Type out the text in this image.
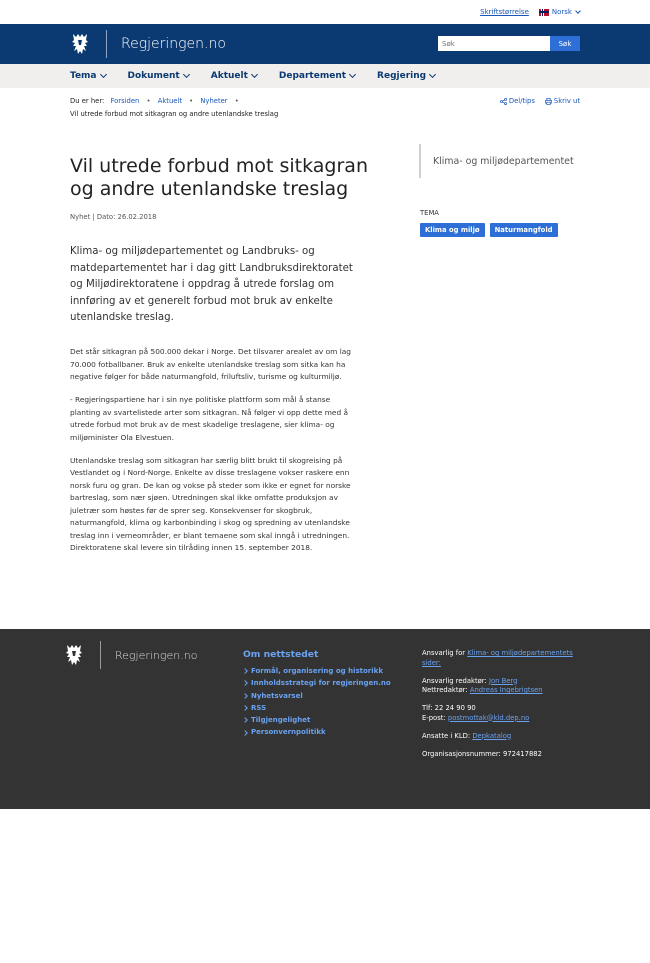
Skriftstørrelse	Norsk
Regjeringen.no
Søk	Søk
Tema	Dokument	Aktuelt	Departement	Regjering
Du er her: Forsiden • Aktuelt • Nyheter •
Vil utrede forbud mot sitkagran og andre utenlandske treslag
Del/tips	Skriv ut
Vil utrede forbud mot sitkagran og andre utenlandske treslag
Nyhet | Dato: 26.02.2018

Klima- og miljødepartementet og Landbruks- og matdepartementet har i dag gitt Landbruksdirektoratet og Miljødirektoratene i oppdrag å utrede forslag om innføring av et generelt forbud mot bruk av enkelte utenlandske treslag.

Det står sitkagran på 500.000 dekar i Norge. Det tilsvarer arealet av om lag 70.000 fotballbaner. Bruk av enkelte utenlandske treslag som sitka kan ha negative følger for både naturmangfold, friluftsliv, turisme og kulturmiljø.

- Regjeringspartiene har i sin nye politiske plattform som mål å stanse planting av svartelistede arter som sitkagran. Nå følger vi opp dette med å utrede forbud mot bruk av de mest skadelige treslagene, sier klima- og miljøminister Ola Elvestuen.

Utenlandske treslag som sitkagran har særlig blitt brukt til skogreising på Vestlandet og i Nord-Norge. Enkelte av disse treslagene vokser raskere enn norsk furu og gran. De kan og vokse på steder som ikke er egnet for norske bartreslag, som nær sjøen. Utredningen skal ikke omfatte produksjon av juletrær som høstes før de sprer seg. Konsekvenser for skogbruk, naturmangfold, klima og karbonbinding i skog og spredning av utenlandske treslag inn i verneområder, er blant temaene som skal inngå i utredningen. Direktoratene skal levere sin tilråding innen 15. september 2018.

Klima- og miljødepartementet
TEMA
Klima og miljø	Naturmangfold
Regjeringen.no	Om nettstedet
Formål, organisering og historikk
Innholdsstrategi for regjeringen.no
Nyhetsvarsel
RSS
Tilgjengelighet
Personvernpolitikk
Ansvarlig for Klima- og miljødepartementets sider:
Ansvarlig redaktør: Jon Berg
Nettredaktør: Andreas Ingebrigtsen
Tlf: 22 24 90 90
E-post: postmottak@kld.dep.no
Ansatte i KLD: Depkatalog
Organisasjonsnummer: 972417882
